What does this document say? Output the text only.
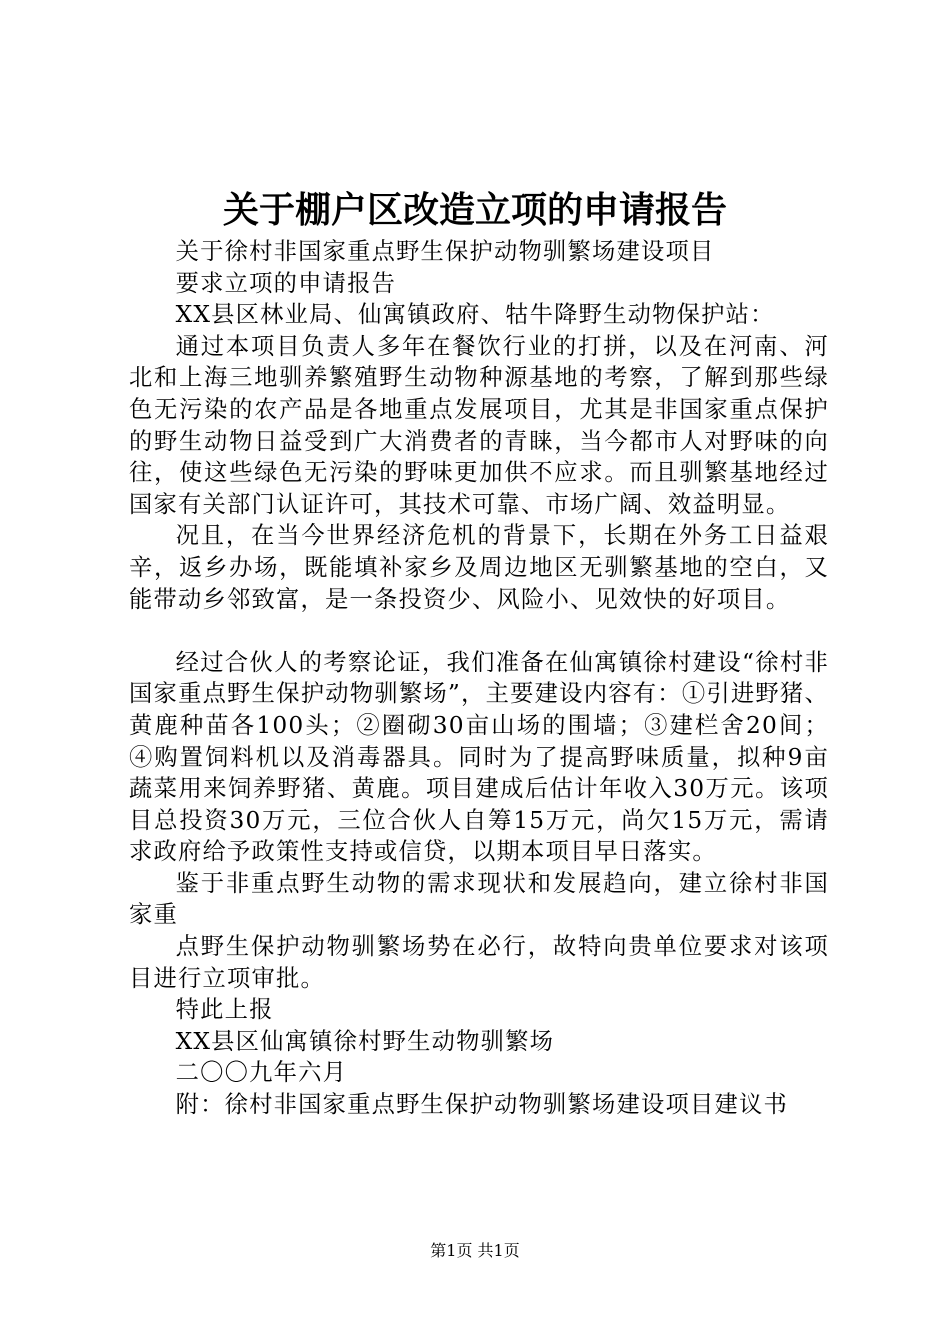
关于棚户区改造立项的申请报告

关于徐村非国家重点野生保护动物驯繁场建设项目

要求立项的申请报告

XX县区林业局、仙寓镇政府、牯牛降野生动物保护站：

通过本项目负责人多年在餐饮行业的打拼，以及在河南、河北和上海三地驯养繁殖野生动物种源基地的考察，了解到那些绿色无污染的农产品是各地重点发展项目，尤其是非国家重点保护的野生动物日益受到广大消费者的青睐，当今都市人对野味的向往，使这些绿色无污染的野味更加供不应求。而且驯繁基地经过国家有关部门认证许可，其技术可靠、市场广阔、效益明显。

况且，在当今世界经济危机的背景下，长期在外务工日益艰辛，返乡办场，既能填补家乡及周边地区无驯繁基地的空白，又能带动乡邻致富，是一条投资少、风险小、见效快的好项目。

经过合伙人的考察论证，我们准备在仙寓镇徐村建设“徐村非国家重点野生保护动物驯繁场”，主要建设内容有：①引进野猪、黄鹿种苗各100头；②圈砌30亩山场的围墙；③建栏舍20间；④购置饲料机以及消毒器具。同时为了提高野味质量，拟种9亩蔬菜用来饲养野猪、黄鹿。项目建成后估计年收入30万元。该项目总投资30万元，三位合伙人自筹15万元，尚欠15万元，需请求政府给予政策性支持或信贷，以期本项目早日落实。

鉴于非重点野生动物的需求现状和发展趋向，建立徐村非国家重

点野生保护动物驯繁场势在必行，故特向贵单位要求对该项目进行立项审批。

特此上报

XX县区仙寓镇徐村野生动物驯繁场

二〇〇九年六月

附：徐村非国家重点野生保护动物驯繁场建设项目建议书

第1页 共1页
